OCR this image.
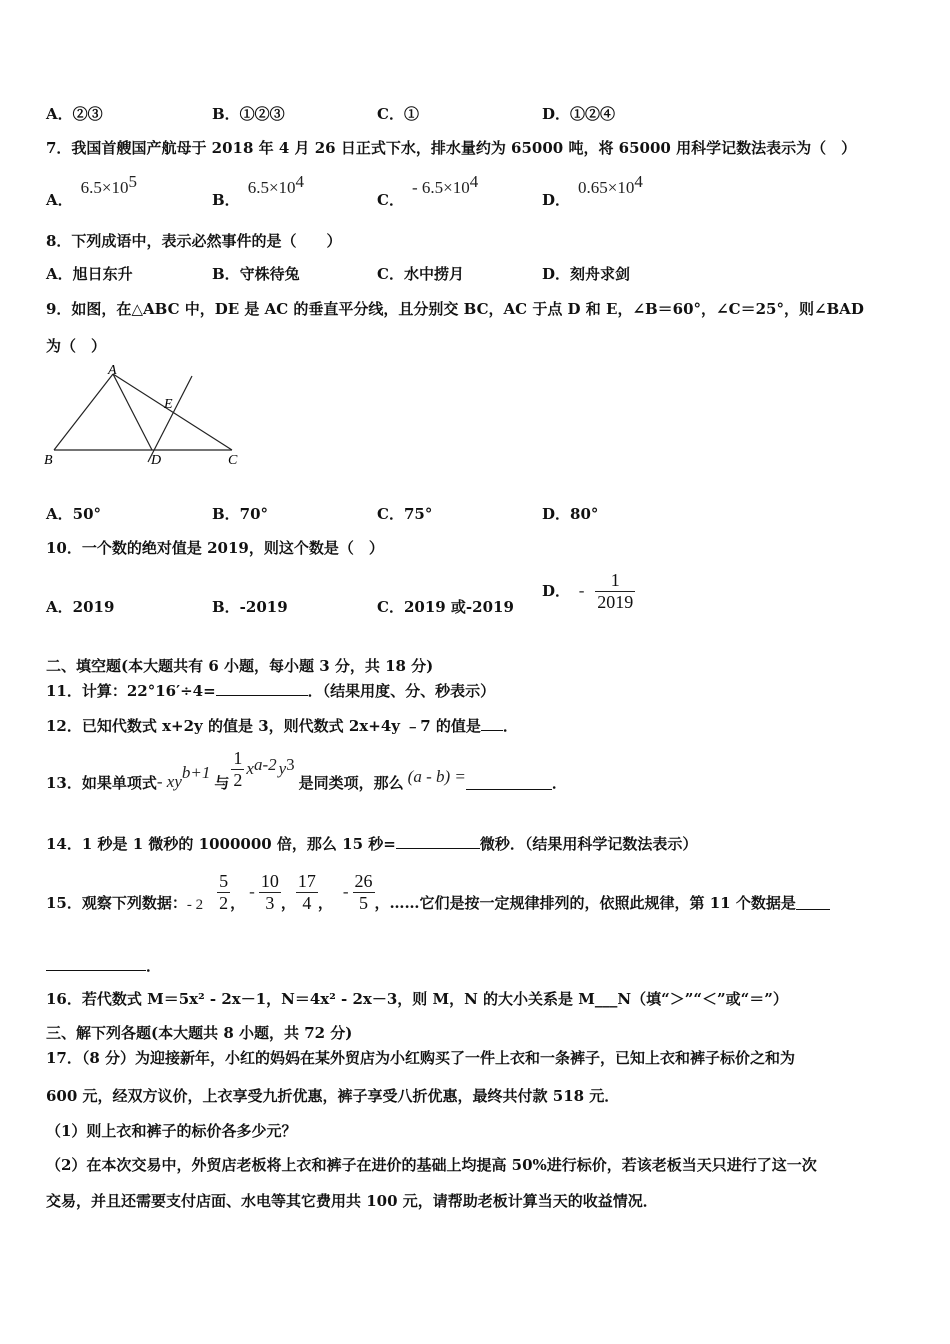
A．②③	B．①②③	C．①	D．①②④
7．我国首艘国产航母于 2018 年 4 月 26 日正式下水，排水量约为 65000 吨，将 65000 用科学记数法表示为（　）
A．$6.5\times 10^5$
B．$6.5\times 10^4$
C．- $6.5\times 10^4$
D．$0.65\times 10^4$
8．下列成语中，表示必然事件的是（　　）
A．旭日东升	B．守株待兔	C．水中捞月	D．刻舟求剑
9．如图，在△ABC 中，DE 是 AC 的垂直平分线，且分别交 BC，AC 于点 D 和 E，∠B＝60°，∠C＝25°，则∠BAD
为（　）
A
B	C
D
E
A．50°	B．70°	C．75°	D．80°
10．一个数的绝对值是 2019，则这个数是（　）
A．2019	B．-2019	C．2019 或-2019
D． - $\frac{1}{2019}$
二、填空题(本大题共有 6 小题，每小题 3 分，共 18 分)
11．计算：22°16′÷4=	．（结果用度、分、秒表示）
12．已知代数式 x+2y 的值是 3，则代数式 2x+4y ﹣7 的值是 ．
13．如果单项式 - xy b+1
与 $\frac{1}{2}$ x a-2 y 3
是同类项，那么 (a - b) =	．
14．1 秒是 1 微秒的 1000000 倍，那么 15 秒=	微秒．（结果用科学记数法表示）
15．观察下列数据： - $2 \frac{5}{2}$ ，
- $\frac{10}{3}$ ， $\frac{17}{4}$ ，
- $\frac{26}{5}$ ，……它们是按一定规律排列的，依照此规律，第 11 个数据是
．
16．若代数式 M＝5x² - 2x－1，N＝4x² - 2x－3，则 M，N 的大小关系是 M___N（填“＞”“＜”或“＝”）
三、解下列各题(本大题共 8 小题，共 72 分)
17．（8 分）为迎接新年，小红的妈妈在某外贸店为小红购买了一件上衣和一条裤子，已知上衣和裤子标价之和为
600 元，经双方议价，上衣享受九折优惠，裤子享受八折优惠，最终共付款 518 元．
（1）则上衣和裤子的标价各多少元？
（2）在本次交易中，外贸店老板将上衣和裤子在进价的基础上均提高 50%进行标价，若该老板当天只进行了这一次
交易，并且还需要支付店面、水电等其它费用共 100 元，请帮助老板计算当天的收益情况．
